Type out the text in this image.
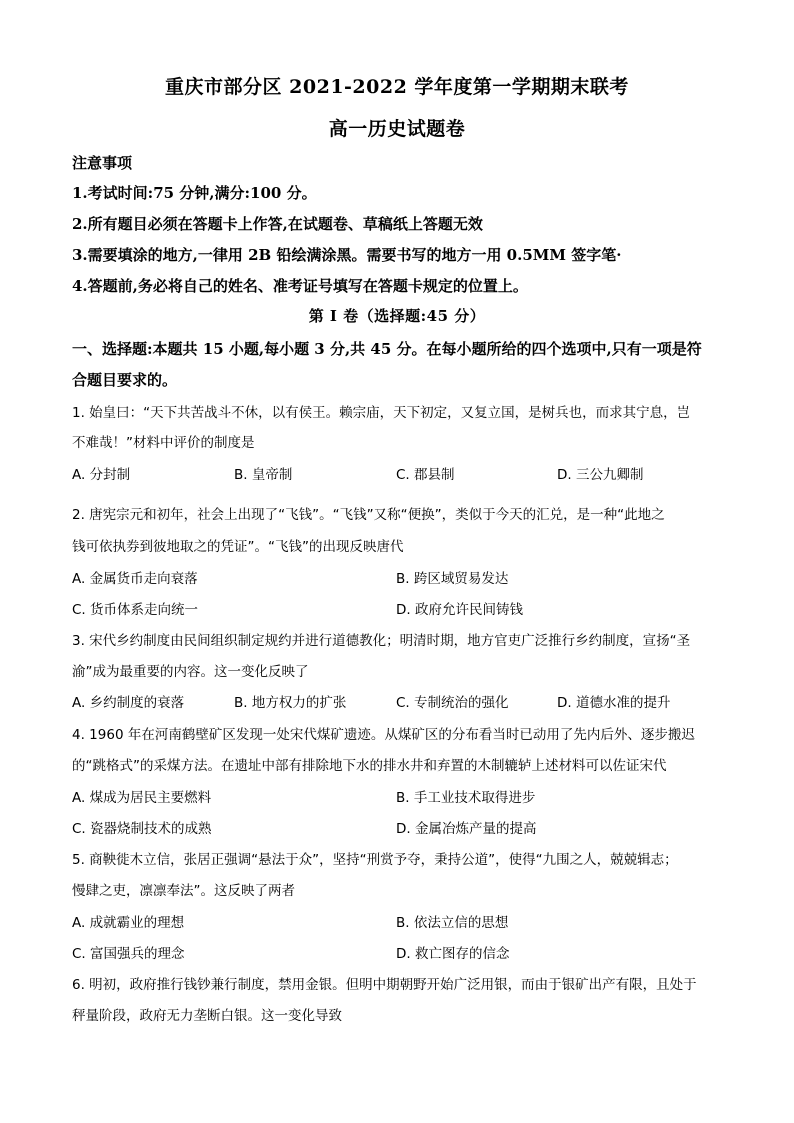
重庆市部分区 2021-2022 学年度第一学期期末联考
高一历史试题卷
注意事项
1.考试时间:75 分钟,满分:100 分。
2.所有题目必须在答题卡上作答,在试题卷、草稿纸上答题无效
3.需要填涂的地方,一律用 2B 铅绘满涂黑。需要书写的地方一用 0.5MM 签字笔·
4.答题前,务必将自己的姓名、准考证号填写在答题卡规定的位置上。
第 I 卷（选择题:45 分）
一、选择题:本题共 15 小题,每小题 3 分,共 45 分。在每小题所给的四个选项中,只有一项是符
合题目要求的。
1. 始皇曰：“天下共苦战斗不休，以有侯王。赖宗庙，天下初定，又复立国，是树兵也，而求其宁息，岂
不难哉！”材料中评价的制度是
A. 分封制	B. 皇帝制	C. 郡县制	D. 三公九卿制
2. 唐宪宗元和初年，社会上出现了“飞钱”。“飞钱”又称“便换”，类似于今天的汇兑，是一种“此地之
钱可依执券到彼地取之的凭证”。“飞钱”的出现反映唐代
A. 金属货币走向衰落	B. 跨区域贸易发达
C. 货币体系走向统一	D. 政府允许民间铸钱
3. 宋代乡约制度由民间组织制定规约并进行道德教化；明清时期，地方官吏广泛推行乡约制度，宣扬“圣
渝”成为最重要的内容。这一变化反映了
A. 乡约制度的衰落	B. 地方权力的扩张	C. 专制统治的强化	D. 道德水准的提升
4. 1960 年在河南鹤壁矿区发现一处宋代煤矿遗迹。从煤矿区的分布看当时已动用了先内后外、逐步搬迟
的“跳格式”的采煤方法。在遗址中部有排除地下水的排水井和弃置的木制辘轳上述材料可以佐证宋代
A. 煤成为居民主要燃料	B. 手工业技术取得进步
C. 瓷器烧制技术的成熟	D. 金属冶炼产量的提高
5. 商鞅徙木立信，张居正强调“悬法于众”，坚持“刑赏予夺，秉持公道”，使得“九围之人，兢兢辑志；
慢肆之吏，凛凛奉法”。这反映了两者
A. 成就霸业的理想	B. 依法立信的思想
C. 富国强兵的理念	D. 救亡图存的信念
6. 明初，政府推行钱钞兼行制度，禁用金银。但明中期朝野开始广泛用银，而由于银矿出产有限，且处于
秤量阶段，政府无力垄断白银。这一变化导致
